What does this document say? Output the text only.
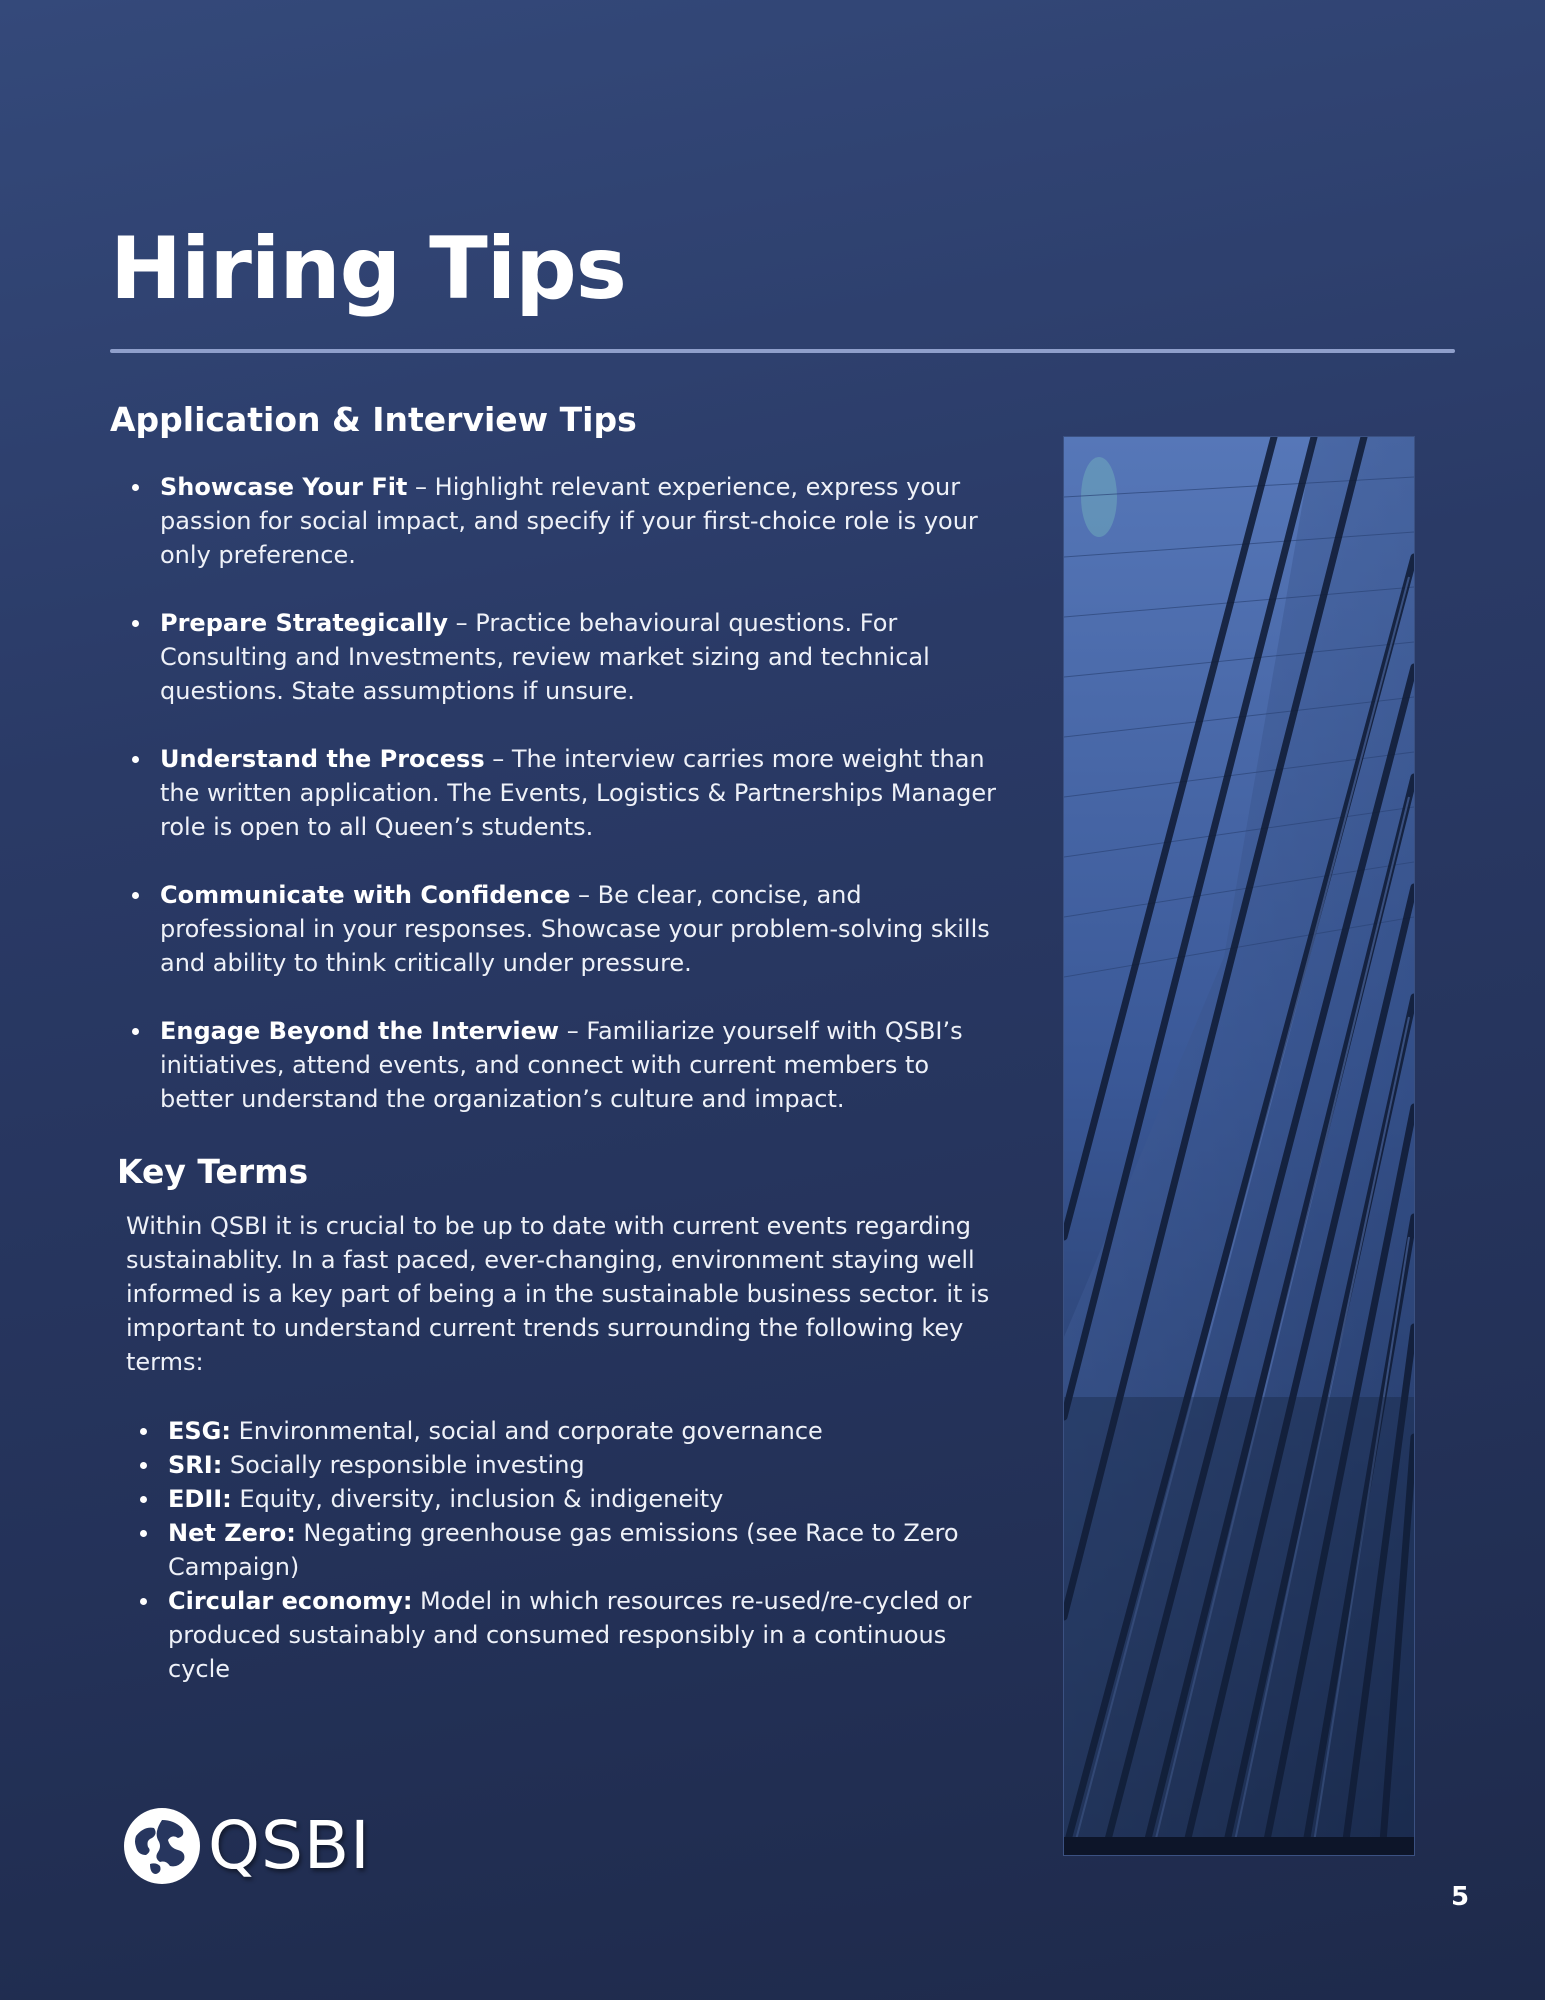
Hiring Tips
Application & Interview Tips
Showcase Your Fit – Highlight relevant experience, express your passion for social impact, and specify if your first-choice role is your only preference.
Prepare Strategically – Practice behavioural questions. For Consulting and Investments, review market sizing and technical questions. State assumptions if unsure.
Understand the Process – The interview carries more weight than the written application. The Events, Logistics & Partnerships Manager role is open to all Queen’s students.
Communicate with Confidence – Be clear, concise, and professional in your responses. Showcase your problem-solving skills and ability to think critically under pressure.
Engage Beyond the Interview – Familiarize yourself with QSBI’s initiatives, attend events, and connect with current members to better understand the organization’s culture and impact.
Key Terms

Within QSBI it is crucial to be up to date with current events regarding sustainablity. In a fast paced, ever-changing, environment staying well informed is a key part of being a in the sustainable business sector. it is important to understand current trends surrounding the following key terms:

ESG: Environmental, social and corporate governance
SRI: Socially responsible investing
EDII: Equity, diversity, inclusion & indigeneity
Net Zero: Negating greenhouse gas emissions (see Race to Zero Campaign)
Circular economy: Model in which resources re-used/re-cycled or produced sustainably and consumed responsibly in a continuous cycle
QSBI
5
